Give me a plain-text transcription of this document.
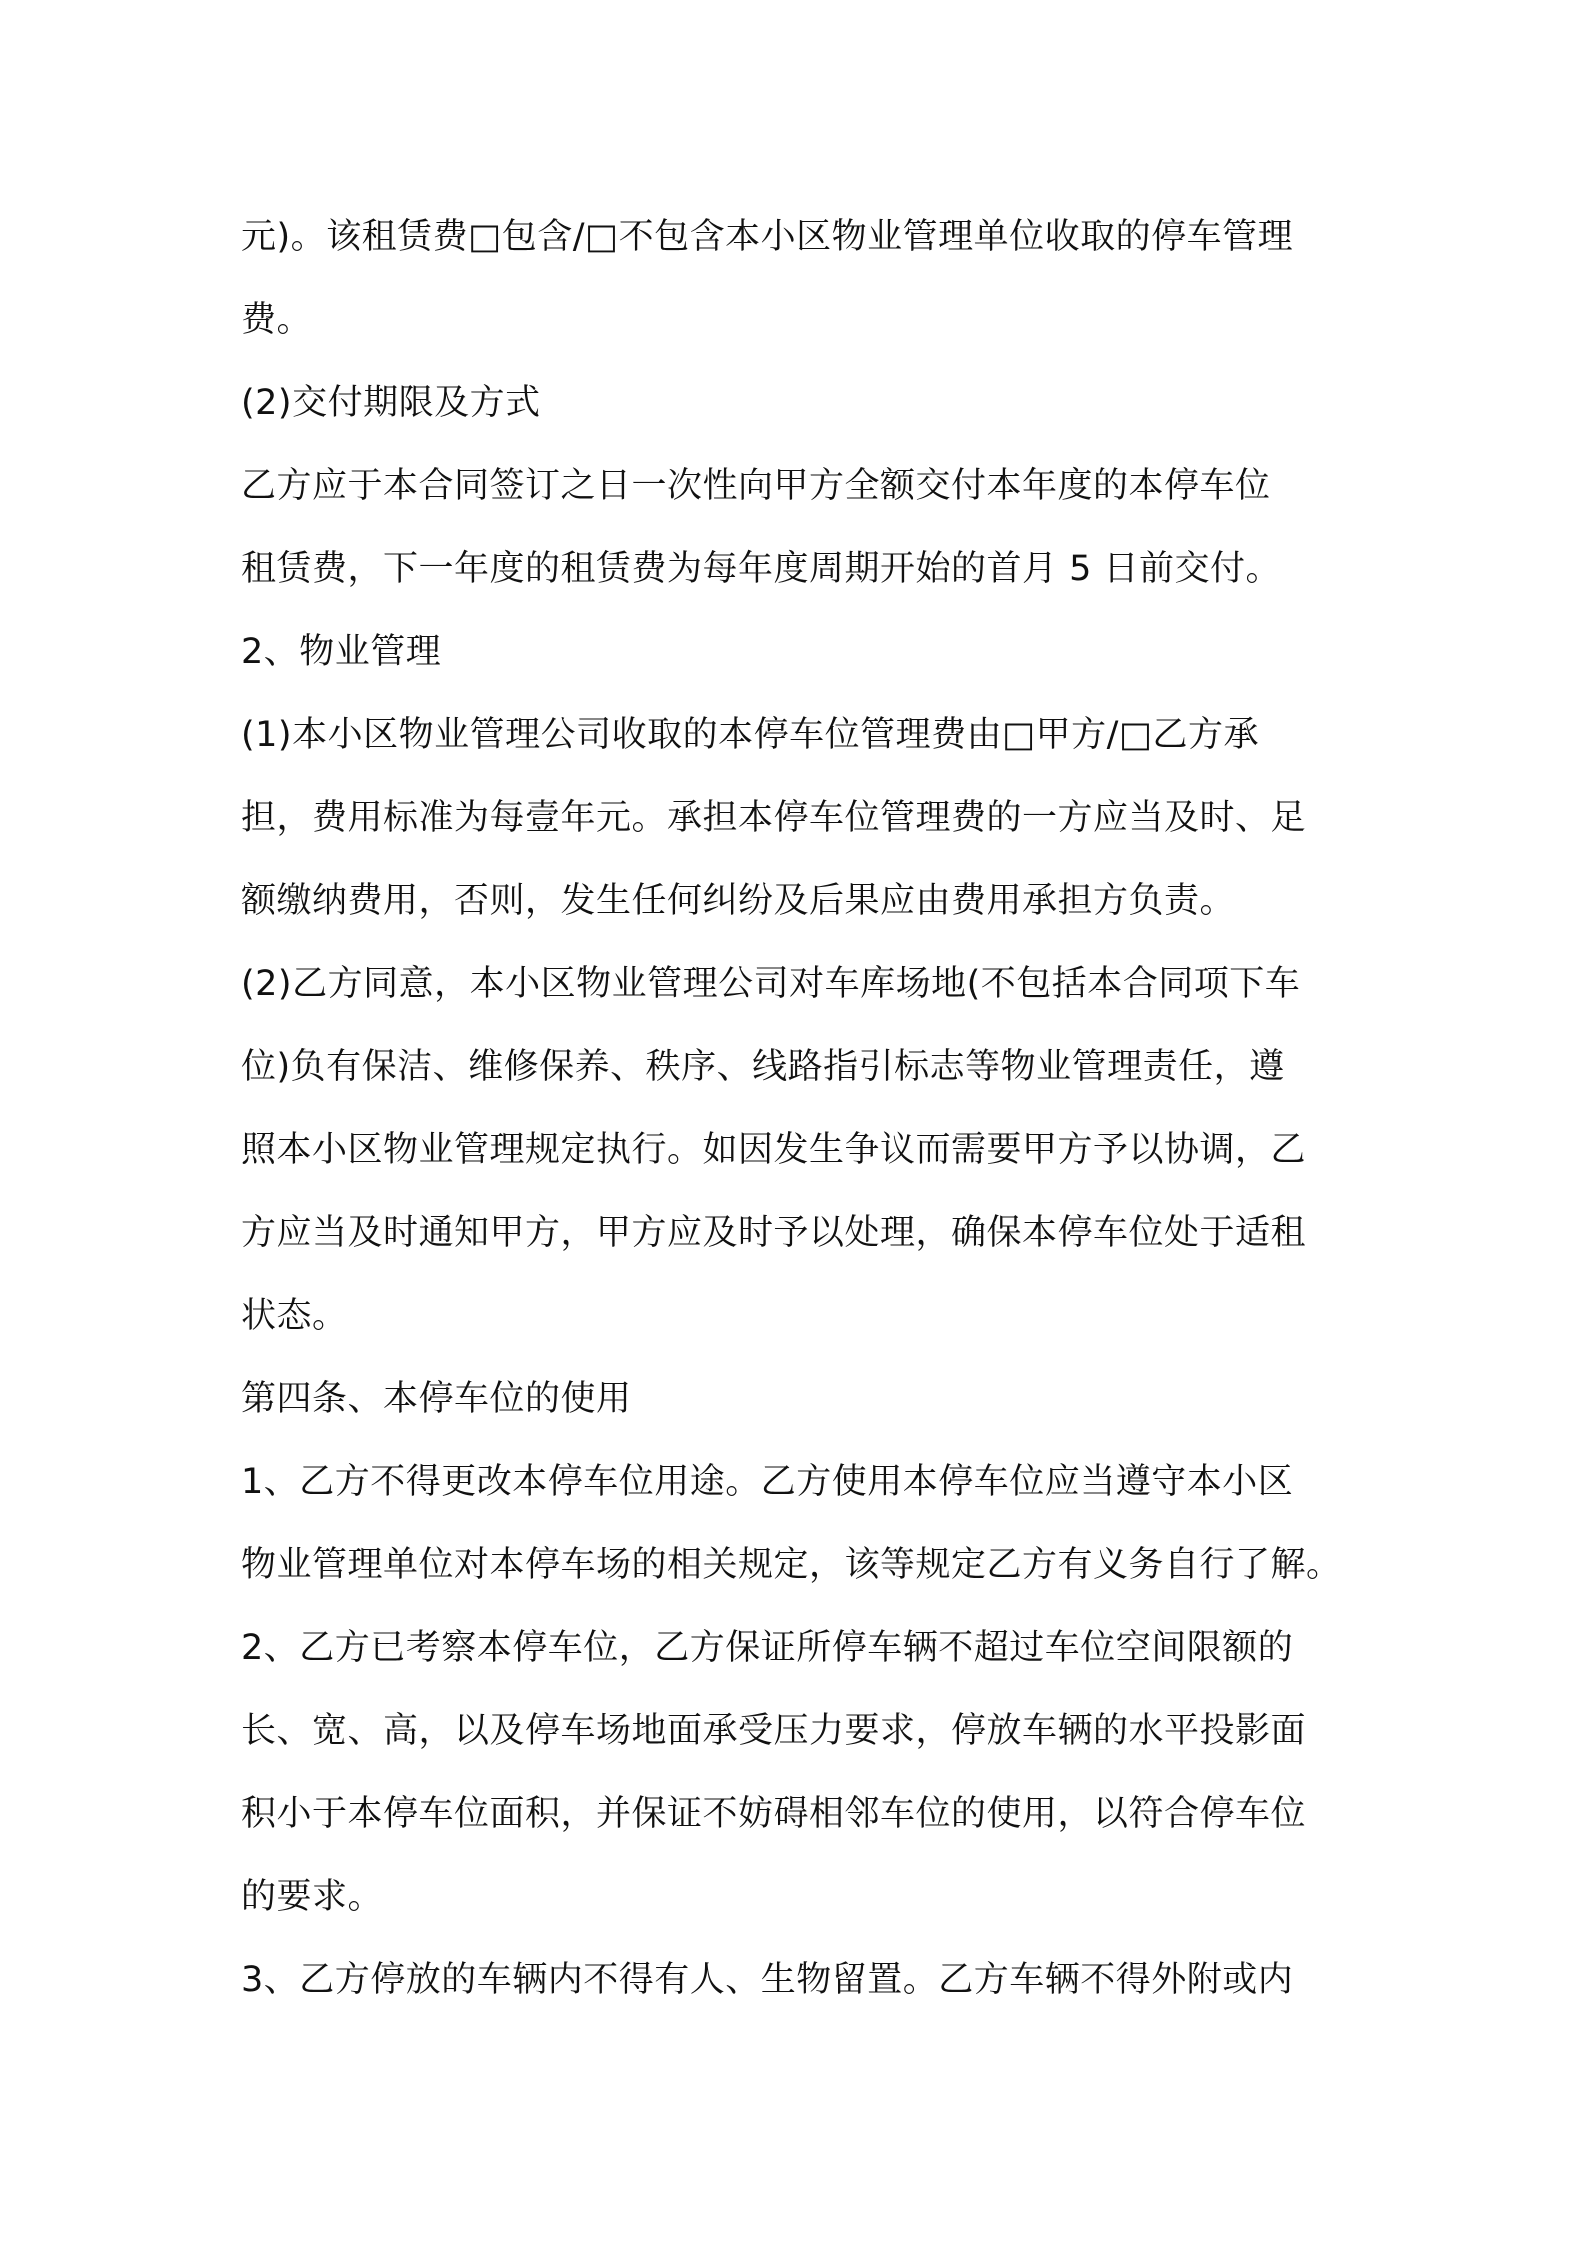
元)。该租赁费□包含/□不包含本小区物业管理单位收取的停车管理
费。
(2)交付期限及方式
乙方应于本合同签订之日一次性向甲方全额交付本年度的本停车位
租赁费，下一年度的租赁费为每年度周期开始的首月 5 日前交付。
2、物业管理
(1)本小区物业管理公司收取的本停车位管理费由□甲方/□乙方承
担，费用标准为每壹年元。承担本停车位管理费的一方应当及时、足
额缴纳费用，否则，发生任何纠纷及后果应由费用承担方负责。
(2)乙方同意，本小区物业管理公司对车库场地(不包括本合同项下车
位)负有保洁、维修保养、秩序、线路指引标志等物业管理责任，遵
照本小区物业管理规定执行。如因发生争议而需要甲方予以协调，乙
方应当及时通知甲方，甲方应及时予以处理，确保本停车位处于适租
状态。
第四条、本停车位的使用
1、乙方不得更改本停车位用途。乙方使用本停车位应当遵守本小区
物业管理单位对本停车场的相关规定，该等规定乙方有义务自行了解。
2、乙方已考察本停车位，乙方保证所停车辆不超过车位空间限额的
长、宽、高，以及停车场地面承受压力要求，停放车辆的水平投影面
积小于本停车位面积，并保证不妨碍相邻车位的使用，以符合停车位
的要求。
3、乙方停放的车辆内不得有人、生物留置。乙方车辆不得外附或内
